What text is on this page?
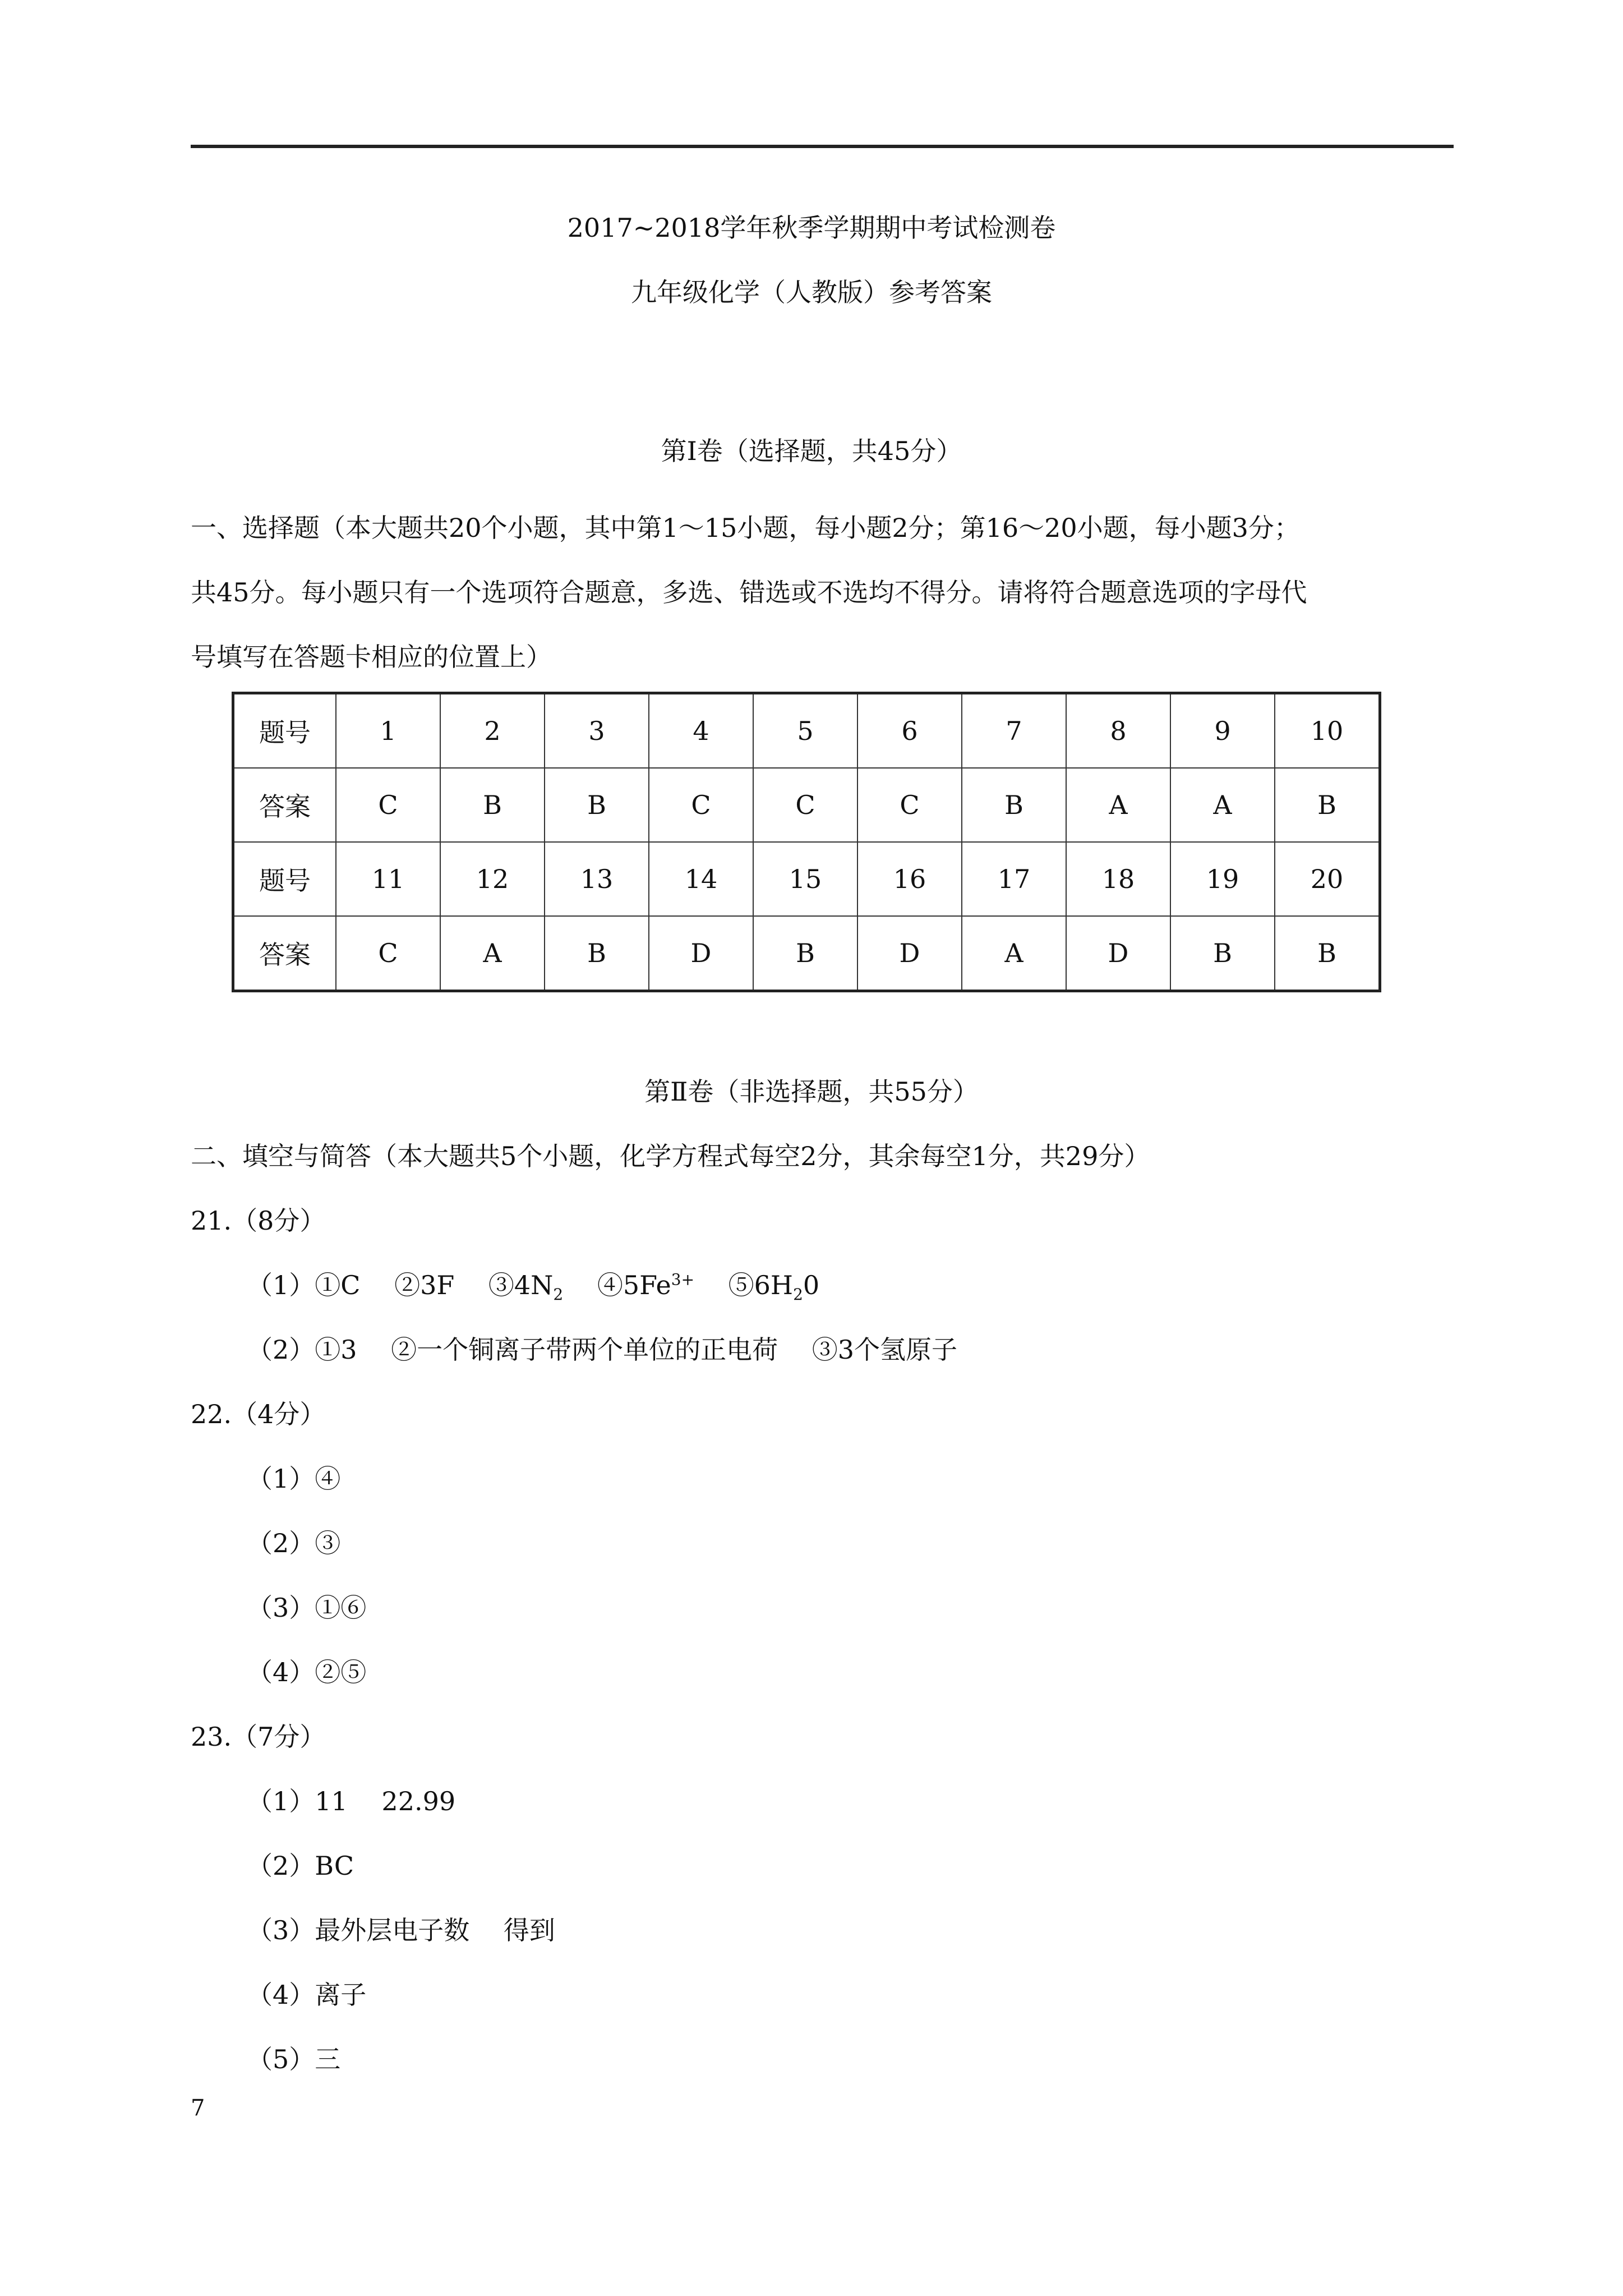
2017~2018学年秋季学期期中考试检测卷
九年级化学（人教版）参考答案
第Ⅰ卷（选择题，共45分）
一、选择题（本大题共20个小题，其中第1～15小题，每小题2分；第16～20小题，每小题3分；
共45分。每小题只有一个选项符合题意，多选、错选或不选均不得分。请将符合题意选项的字母代
号填写在答题卡相应的位置上）
题号	1	2	3	4	5	6	7	8	9	10
答案	C	B	B	C	C	C	B	A	A	B
题号	11	12	13	14	15	16	17	18	19	20
答案	C	A	B	D	B	D	A	D	B	B
第Ⅱ卷（非选择题，共55分）
二、填空与简答（本大题共5个小题，化学方程式每空2分，其余每空1分，共29分）
21.（8分）
（1）①C　 ②3F　 $③4N_2$　 $④5Fe^{3+}$　 $⑤6H_20$
（2）①3　 ②一个铜离子带两个单位的正电荷　 ③3个氢原子
22.（4分）
（1）④
（2）③
（3）①⑥
（4）②⑤
23.（7分）
（1）11　 22.99
（2）BC
（3）最外层电子数　 得到
（4）离子
（5）三
7
